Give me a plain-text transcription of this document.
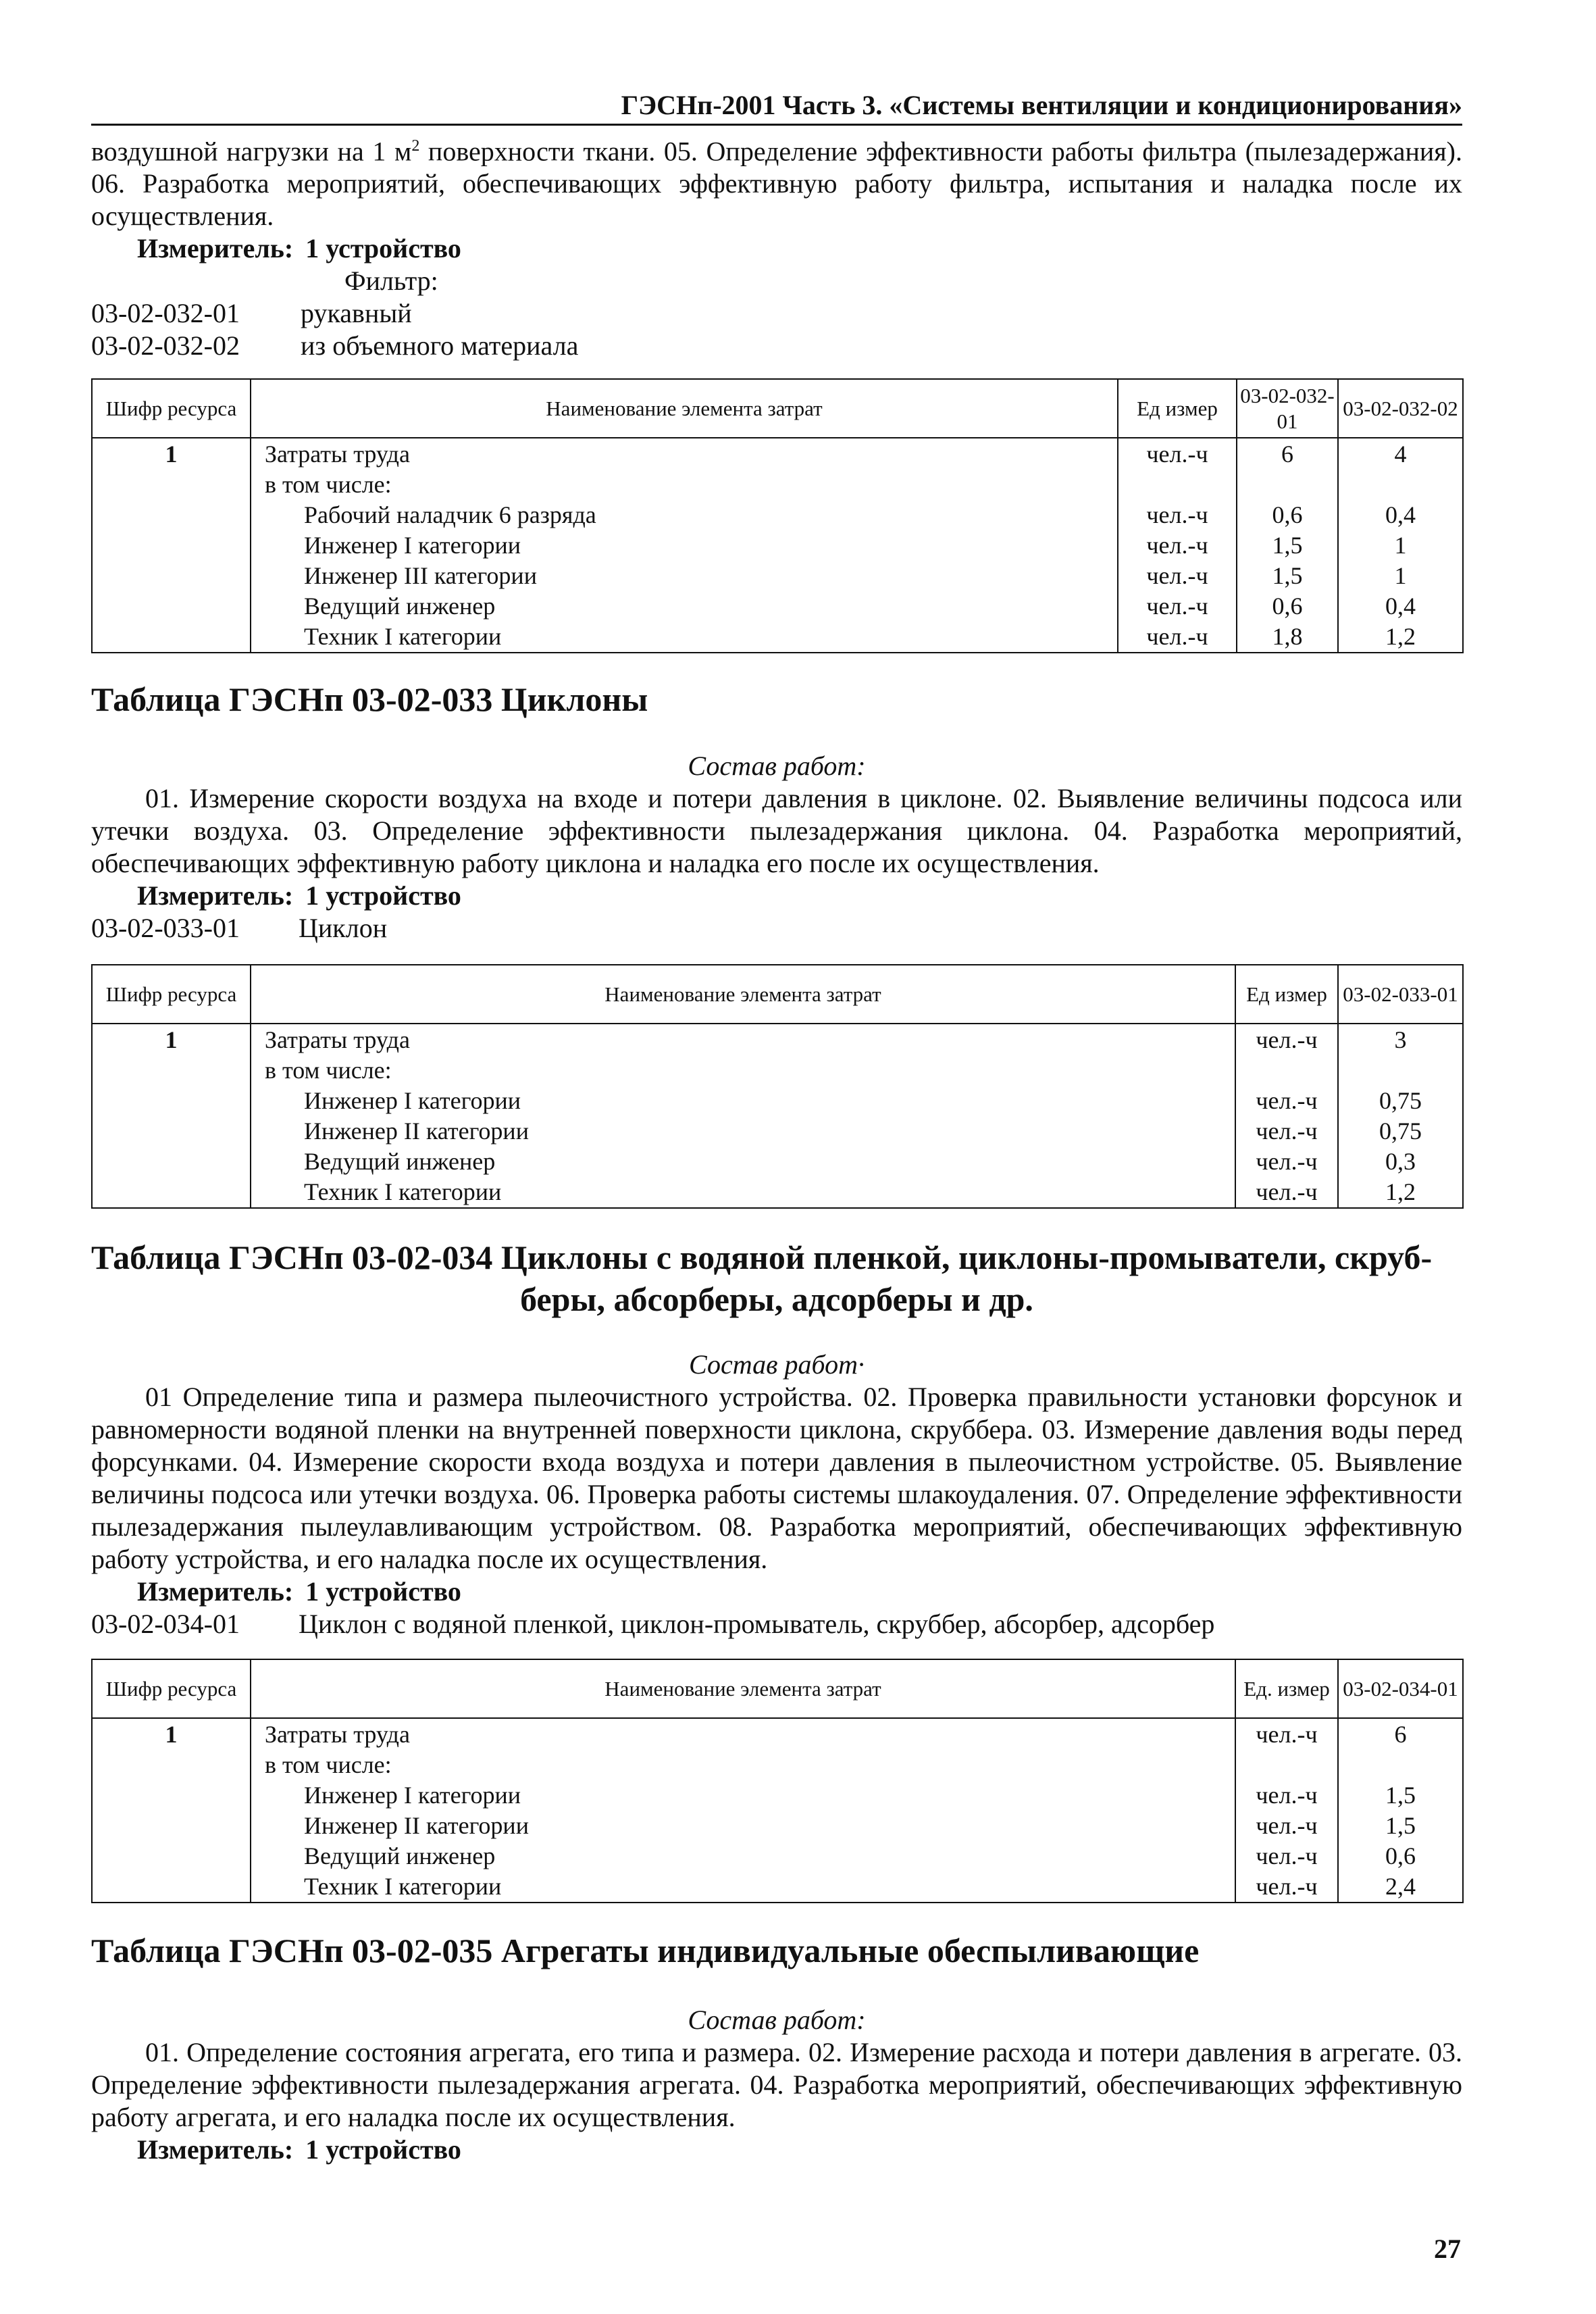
ГЭСНп-2001 Часть 3. «Системы вентиляции и кондиционирования»

воздушной нагрузки на 1 $м^2$ поверхности ткани. 05. Определение эффективности работы фильтра (пылезадержания). 06. Разработка мероприятий, обеспечивающих эффективную работу фильтра, испытания и наладка после их осуществления.

Измеритель: 1 устройство
Фильтр:
03-02-032-01	рукавный
03-02-032-02	из объемного материала
Шифр ресурса	Наименование элемента затрат	Ед измер	03-02-032-01	03-02-032-02
1	Затраты труда	чел.-ч	6	4
	в том числе:			
	Рабочий наладчик 6 разряда	чел.-ч	0,6	0,4
	Инженер I категории	чел.-ч	1,5	1
	Инженер III категории	чел.-ч	1,5	1
	Ведущий инженер	чел.-ч	0,6	0,4
	Техник I категории	чел.-ч	1,8	1,2
Таблица ГЭСНп 03-02-033 Циклоны
Состав работ:

01. Измерение скорости воздуха на входе и потери давления в циклоне. 02. Выявление величины подсоса или утечки воздуха. 03. Определение эффективности пылезадержания циклона. 04. Разработка мероприятий, обеспечивающих эффективную работу циклона и наладка его после их осуществления.

Измеритель: 1 устройство
03-02-033-01	Циклон
Шифр ресурса	Наименование элемента затрат	Ед измер	03-02-033-01
1	Затраты труда	чел.-ч	3
	в том числе:		
	Инженер I категории	чел.-ч	0,75
	Инженер II категории	чел.-ч	0,75
	Ведущий инженер	чел.-ч	0,3
	Техник I категории	чел.-ч	1,2
Таблица ГЭСНп 03-02-034 Циклоны с водяной пленкой, циклоны-промыватели, скруб-
беры, абсорберы, адсорберы и др.
Состав работ·

01 Определение типа и размера пылеочистного устройства. 02. Проверка правильности установки форсунок и равномерности водяной пленки на внутренней поверхности циклона, скруббера. 03. Измерение давления воды перед форсунками. 04. Измерение скорости входа воздуха и потери давления в пылеочистном устройстве. 05. Выявление величины подсоса или утечки воздуха. 06. Проверка работы системы шлакоудаления. 07. Определение эффективности пылезадержания пылеулавливающим устройством. 08. Разработка мероприятий, обеспечивающих эффективную работу устройства, и его наладка после их осуществления.

Измеритель: 1 устройство
03-02-034-01	Циклон с водяной пленкой, циклон-промыватель, скруббер, абсорбер, адсорбер
Шифр ресурса	Наименование элемента затрат	Ед. измер	03-02-034-01
1	Затраты труда	чел.-ч	6
	в том числе:		
	Инженер I категории	чел.-ч	1,5
	Инженер II категории	чел.-ч	1,5
	Ведущий инженер	чел.-ч	0,6
	Техник I категории	чел.-ч	2,4
Таблица ГЭСНп 03-02-035 Агрегаты индивидуальные обеспыливающие
Состав работ:

01. Определение состояния агрегата, его типа и размера. 02. Измерение расхода и потери давления в агрегате. 03. Определение эффективности пылезадержания агрегата. 04. Разработка мероприятий, обеспечивающих эффективную работу агрегата, и его наладка после их осуществления.

Измеритель: 1 устройство
27
